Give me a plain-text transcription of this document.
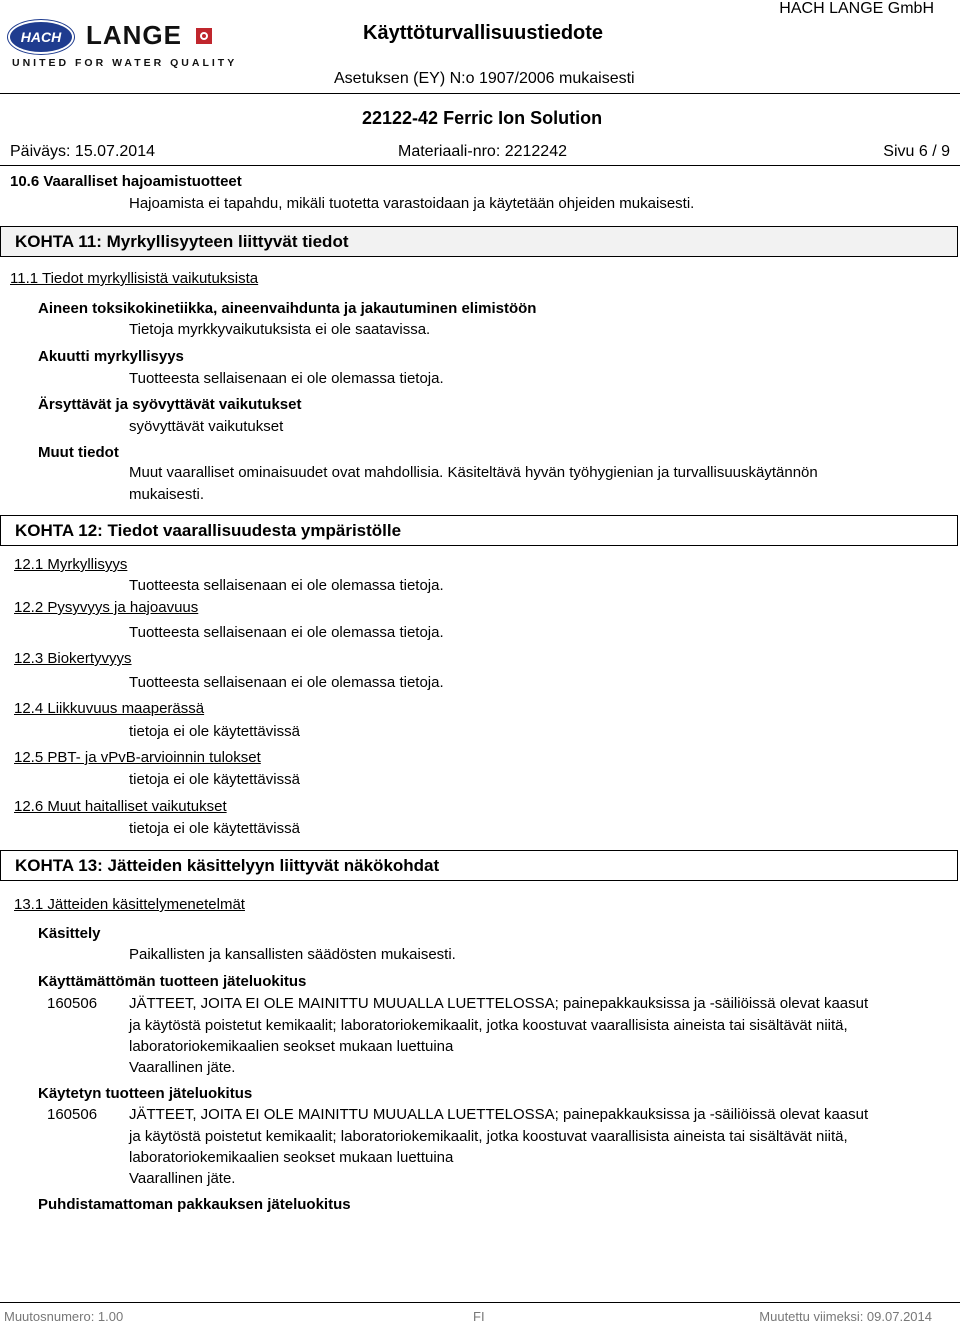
HACH LANGE
UNITED FOR WATER QUALITY
Käyttöturvallisuustiedote
HACH LANGE GmbH
Asetuksen (EY) N:o 1907/2006 mukaisesti
22122-42 Ferric Ion Solution
Päiväys: 15.07.2014	Materiaali-nro: 2212242	Sivu 6 / 9
10.6 Vaaralliset hajoamistuotteet
Hajoamista ei tapahdu, mikäli tuotetta varastoidaan ja käytetään ohjeiden mukaisesti.
KOHTA 11: Myrkyllisyyteen liittyvät tiedot
11.1 Tiedot myrkyllisistä vaikutuksista
Aineen toksikokinetiikka, aineenvaihdunta ja jakautuminen elimistöön
Tietoja myrkkyvaikutuksista ei ole saatavissa.
Akuutti myrkyllisyys
Tuotteesta sellaisenaan ei ole olemassa tietoja.
Ärsyttävät ja syövyttävät vaikutukset
syövyttävät vaikutukset
Muut tiedot
Muut vaaralliset ominaisuudet ovat mahdollisia. Käsiteltävä hyvän työhygienian ja turvallisuuskäytännön mukaisesti.
KOHTA 12: Tiedot vaarallisuudesta ympäristölle
12.1 Myrkyllisyys
Tuotteesta sellaisenaan ei ole olemassa tietoja.
12.2 Pysyvyys ja hajoavuus
Tuotteesta sellaisenaan ei ole olemassa tietoja.
12.3 Biokertyvyys
Tuotteesta sellaisenaan ei ole olemassa tietoja.
12.4 Liikkuvuus maaperässä
tietoja ei ole käytettävissä
12.5 PBT- ja vPvB-arvioinnin tulokset
tietoja ei ole käytettävissä
12.6 Muut haitalliset vaikutukset
tietoja ei ole käytettävissä
KOHTA 13: Jätteiden käsittelyyn liittyvät näkökohdat
13.1 Jätteiden käsittelymenetelmät
Käsittely
Paikallisten ja kansallisten säädösten mukaisesti.
Käyttämättömän tuotteen jäteluokitus
160506 JÄTTEET, JOITA EI OLE MAINITTU MUUALLA LUETTELOSSA; painepakkauksissa ja -säiliöissä olevat kaasut ja käytöstä poistetut kemikaalit; laboratoriokemikaalit, jotka koostuvat vaarallisista aineista tai sisältävät niitä, laboratoriokemikaalien seokset mukaan luettuina
Vaarallinen jäte.
Käytetyn tuotteen jäteluokitus
160506 JÄTTEET, JOITA EI OLE MAINITTU MUUALLA LUETTELOSSA; painepakkauksissa ja -säiliöissä olevat kaasut ja käytöstä poistetut kemikaalit; laboratoriokemikaalit, jotka koostuvat vaarallisista aineista tai sisältävät niitä, laboratoriokemikaalien seokset mukaan luettuina
Vaarallinen jäte.
Puhdistamattoman pakkauksen jäteluokitus
Muutosnumero: 1.00	FI	Muutettu viimeksi: 09.07.2014
